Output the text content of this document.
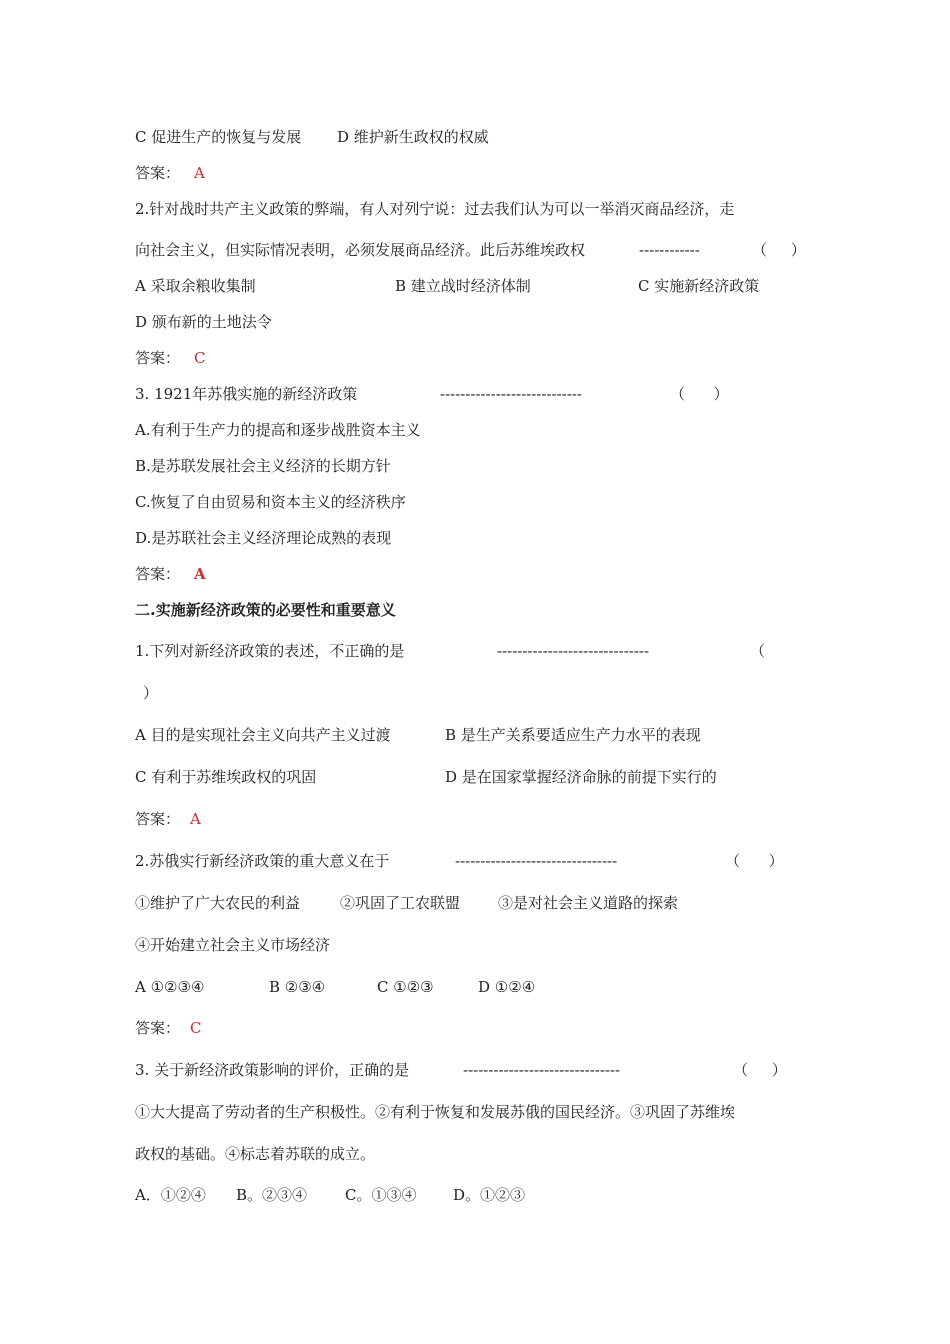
C 促进生产的恢复与发展 D 维护新生政权的权威
答案： A
2.针对战时共产主义政策的弊端，有人对列宁说：过去我们认为可以一举消灭商品经济，走
向社会主义，但实际情况表明，必须发展商品经济。此后苏维埃政权	------------	（     ）
A 采取余粮收集制	B 建立战时经济体制	C 实施新经济政策
D 颁布新的土地法令
答案： C
3. 1921年苏俄实施的新经济政策	----------------------------	（      ）
A.有利于生产力的提高和逐步战胜资本主义
B.是苏联发展社会主义经济的长期方针
C.恢复了自由贸易和资本主义的经济秩序
D.是苏联社会主义经济理论成熟的表现
答案： A
二.实施新经济政策的必要性和重要意义
1.下列对新经济政策的表述，不正确的是	------------------------------	（
）
A 目的是实现社会主义向共产主义过渡	B 是生产关系要适应生产力水平的表现
C 有利于苏维埃政权的巩固	D 是在国家掌握经济命脉的前提下实行的
答案： A
2.苏俄实行新经济政策的重大意义在于	--------------------------------	（      ）
①维护了广大农民的利益	②巩固了工农联盟	③是对社会主义道路的探索
④开始建立社会主义市场经济
A ①②③④	B ②③④	C ①②③	D ①②④
答案： C
3. 关于新经济政策影响的评价，正确的是	-------------------------------	（     ）
①大大提高了劳动者的生产积极性。②有利于恢复和发展苏俄的国民经济。③巩固了苏维埃
政权的基础。④标志着苏联的成立。
A．①②④ B。②③④	C。①③④ D。①②③
